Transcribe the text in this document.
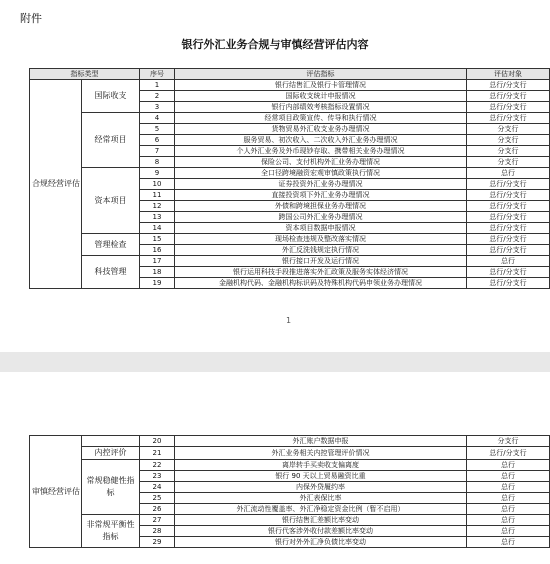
附件
银行外汇业务合规与审慎经营评估内容
指标类型		序号	评估指标	评估对象
合规经营评估	国际收支	1	银行结售汇及银行卡管理情况	总行/分支行
		2	国际收支统计申报情况	总行/分支行
		3	银行内部绩效考核指标设置情况	总行/分支行
	经常项目	4	经常项目政策宣传、传导和执行情况	总行/分支行
		5	货物贸易外汇收支业务办理情况	分支行
		6	服务贸易、初次收入、二次收入外汇业务办理情况	分支行
		7	个人外汇业务及外币现钞存取、携带相关业务办理情况	分支行
		8	保险公司、支付机构外汇业务办理情况	分支行
	资本项目	9	全口径跨境融资宏观审慎政策执行情况	总行
		10	证券投资外汇业务办理情况	总行/分支行
		11	直接投资项下外汇业务办理情况	总行/分支行
		12	外债和跨境担保业务办理情况	总行/分支行
		13	跨国公司外汇业务办理情况	总行/分支行
		14	资本项目数据申报情况	总行/分支行
	管理检查	15	现场检查违规及整改落实情况	总行/分支行
		16	外汇反洗钱规定执行情况	总行/分支行
	科技管理	17	银行接口开发及运行情况	总行
		18	银行运用科技手段推进落实外汇政策及服务实体经济情况	总行/分支行
		19	金融机构代码、金融机构标识码及特殊机构代码申领业务办理情况	总行/分支行
1
审慎经营评估		20	外汇账户数据申报	分支行
	内控评价	21	外汇业务相关内控管理评价情况	总行/分支行
	常规稳健性指标	22	离岸转手买卖收支偏离度	总行
		23	银行 90 天以上贸易融资比重	总行
		24	内保外贷履约率	总行
		25	外汇表保比率	总行
		26	外汇流动性覆盖率、外汇净稳定资金比例（暂不启用）	总行
	非常规平衡性指标	27	银行结售汇差额比率变动	总行
		28	银行代客涉外收付款差额比率变动	总行
		29	银行对外外汇净负债比率变动	总行
